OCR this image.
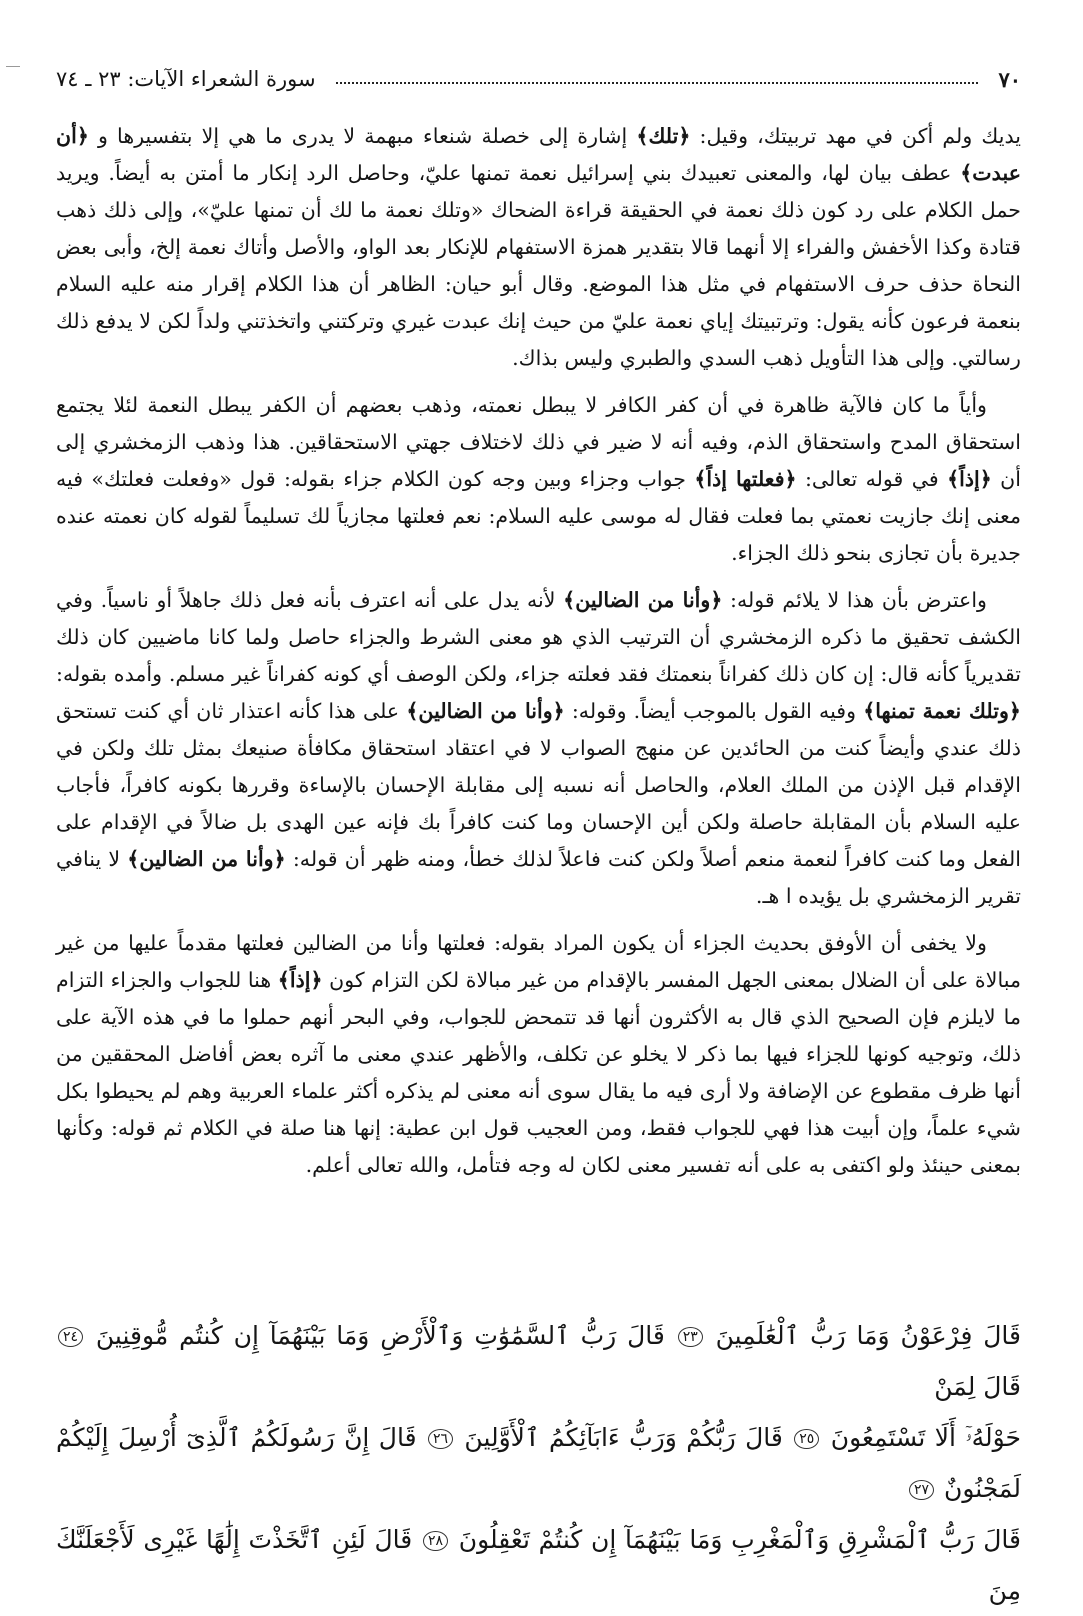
٧٠
سورة الشعراء الآيات: ٢٣ ـ ٧٤

يديك ولم أكن في مهد تربيتك، وقيل: ﴿تلك﴾ إشارة إلى خصلة شنعاء مبهمة لا يدرى ما هي إلا بتفسيرها و ﴿أن عبدت﴾ عطف بيان لها، والمعنى تعبيدك بني إسرائيل نعمة تمنها عليّ، وحاصل الرد إنكار ما أمتن به أيضاً. ويريد حمل الكلام على رد كون ذلك نعمة في الحقيقة قراءة الضحاك «وتلك نعمة ما لك أن تمنها عليّ»، وإلى ذلك ذهب قتادة وكذا الأخفش والفراء إلا أنهما قالا بتقدير همزة الاستفهام للإنكار بعد الواو، والأصل وأتاك نعمة إلخ، وأبى بعض النحاة حذف حرف الاستفهام في مثل هذا الموضع. وقال أبو حيان: الظاهر أن هذا الكلام إقرار منه عليه السلام بنعمة فرعون كأنه يقول: وترتبيتك إياي نعمة عليّ من حيث إنك عبدت غيري وتركتني واتخذتني ولداً لكن لا يدفع ذلك رسالتي. وإلى هذا التأويل ذهب السدي والطبري وليس بذاك.

وأياً ما كان فالآية ظاهرة في أن كفر الكافر لا يبطل نعمته، وذهب بعضهم أن الكفر يبطل النعمة لئلا يجتمع استحقاق المدح واستحقاق الذم، وفيه أنه لا ضير في ذلك لاختلاف جهتي الاستحقاقين. هذا وذهب الزمخشري إلى أن ﴿إذاً﴾ في قوله تعالى: ﴿فعلتها إذاً﴾ جواب وجزاء وبين وجه كون الكلام جزاء بقوله: قول «وفعلت فعلتك» فيه معنى إنك جازيت نعمتي بما فعلت فقال له موسى عليه السلام: نعم فعلتها مجازياً لك تسليماً لقوله كان نعمته عنده جديرة بأن تجازى بنحو ذلك الجزاء.

واعترض بأن هذا لا يلائم قوله: ﴿وأنا من الضالين﴾ لأنه يدل على أنه اعترف بأنه فعل ذلك جاهلاً أو ناسياً. وفي الكشف تحقيق ما ذكره الزمخشري أن الترتيب الذي هو معنى الشرط والجزاء حاصل ولما كانا ماضيين كان ذلك تقديرياً كأنه قال: إن كان ذلك كفراناً بنعمتك فقد فعلته جزاء، ولكن الوصف أي كونه كفراناً غير مسلم. وأمده بقوله: ﴿وتلك نعمة تمنها﴾ وفيه القول بالموجب أيضاً. وقوله: ﴿وأنا من الضالين﴾ على هذا كأنه اعتذار ثان أي كنت تستحق ذلك عندي وأيضاً كنت من الحائدين عن منهج الصواب لا في اعتقاد استحقاق مكافأة صنيعك بمثل تلك ولكن في الإقدام قبل الإذن من الملك العلام، والحاصل أنه نسبه إلى مقابلة الإحسان بالإساءة وقررها بكونه كافراً، فأجاب عليه السلام بأن المقابلة حاصلة ولكن أين الإحسان وما كنت كافراً بك فإنه عين الهدى بل ضالاً في الإقدام على الفعل وما كنت كافراً لنعمة منعم أصلاً ولكن كنت فاعلاً لذلك خطأ، ومنه ظهر أن قوله: ﴿وأنا من الضالين﴾ لا ينافي تقرير الزمخشري بل يؤيده ا هـ.

ولا يخفى أن الأوفق بحديث الجزاء أن يكون المراد بقوله: فعلتها وأنا من الضالين فعلتها مقدماً عليها من غير مبالاة على أن الضلال بمعنى الجهل المفسر بالإقدام من غير مبالاة لكن التزام كون ﴿إذاً﴾ هنا للجواب والجزاء التزام ما لايلزم فإن الصحيح الذي قال به الأكثرون أنها قد تتمحض للجواب، وفي البحر أنهم حملوا ما في هذه الآية على ذلك، وتوجيه كونها للجزاء فيها بما ذكر لا يخلو عن تكلف، والأظهر عندي معنى ما آثره بعض أفاضل المحققين من أنها ظرف مقطوع عن الإضافة ولا أرى فيه ما يقال سوى أنه معنى لم يذكره أكثر علماء العربية وهم لم يحيطوا بكل شيء علماً، وإن أبيت هذا فهي للجواب فقط، ومن العجيب قول ابن عطية: إنها هنا صلة في الكلام ثم قوله: وكأنها بمعنى حينئذ ولو اكتفى به على أنه تفسير معنى لكان له وجه فتأمل، والله تعالى أعلم.

قَالَ فِرْعَوْنُ وَمَا رَبُّ ٱلْعَٰلَمِينَ ٢٣ قَالَ رَبُّ ٱلسَّمَٰوَٰتِ وَٱلْأَرْضِ وَمَا بَيْنَهُمَآ إِن كُنتُم مُّوقِنِينَ ٢٤ قَالَ لِمَنْ

حَوْلَهُۥٓ أَلَا تَسْتَمِعُونَ ٢٥ قَالَ رَبُّكُمْ وَرَبُّ ءَابَآئِكُمُ ٱلْأَوَّلِينَ ٢٦ قَالَ إِنَّ رَسُولَكُمُ ٱلَّذِىٓ أُرْسِلَ إِلَيْكُمْ لَمَجْنُونٌ ٢٧

قَالَ رَبُّ ٱلْمَشْرِقِ وَٱلْمَغْرِبِ وَمَا بَيْنَهُمَآ إِن كُنتُمْ تَعْقِلُونَ ٢٨ قَالَ لَئِنِ ٱتَّخَذْتَ إِلَٰهًا غَيْرِى لَأَجْعَلَنَّكَ مِنَ
